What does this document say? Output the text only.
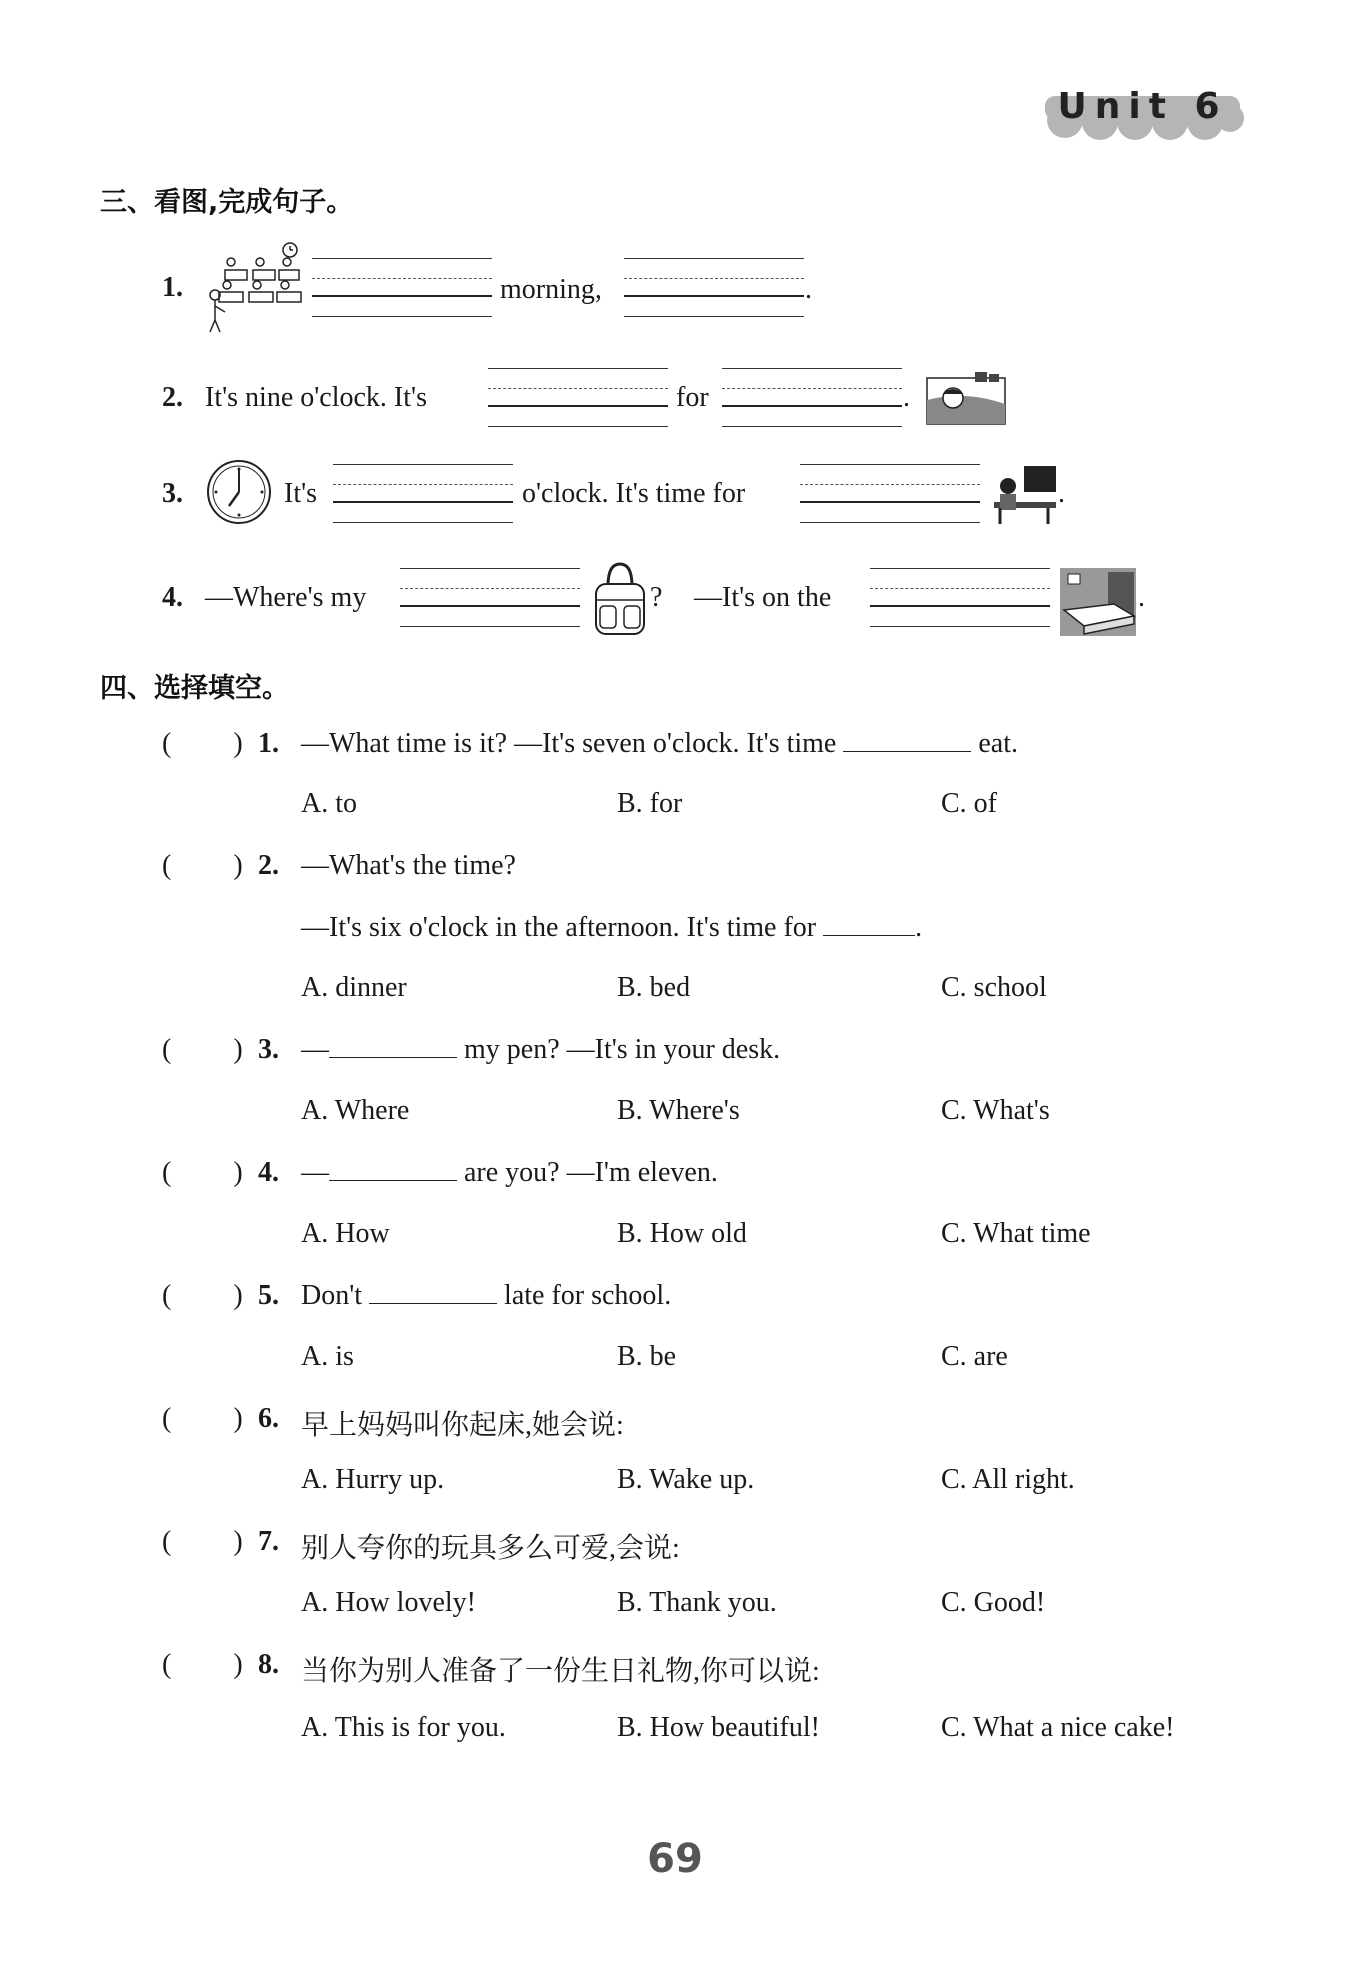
Unit 6
三、看图,完成句子。
1.	morning,	.
2. It's nine o'clock. It's	for	.
3.	It's	o'clock. It's time for	.
4. —Where's my	? —It's on the	.
四、选择填空。
( ) 1. —What time is it? —It's seven o'clock. It's time	eat.
A. to	B. for	C. of
( ) 2. —What's the time?
—It's six o'clock in the afternoon. It's time for	.
A. dinner	B. bed	C. school
( ) 3. —	my pen? —It's in your desk.
A. Where	B. Where's	C. What's
( ) 4. —	are you? —I'm eleven.
A. How	B. How old	C. What time
( ) 5. Don't	late for school.
A. is	B. be	C. are
( ) 6. 早上妈妈叫你起床,她会说:
A. Hurry up.	B. Wake up.	C. All right.
( ) 7. 别人夸你的玩具多么可爱,会说:
A. How lovely!	B. Thank you.	C. Good!
( ) 8. 当你为别人准备了一份生日礼物,你可以说:
A. This is for you.	B. How beautiful!	C. What a nice cake!
69
